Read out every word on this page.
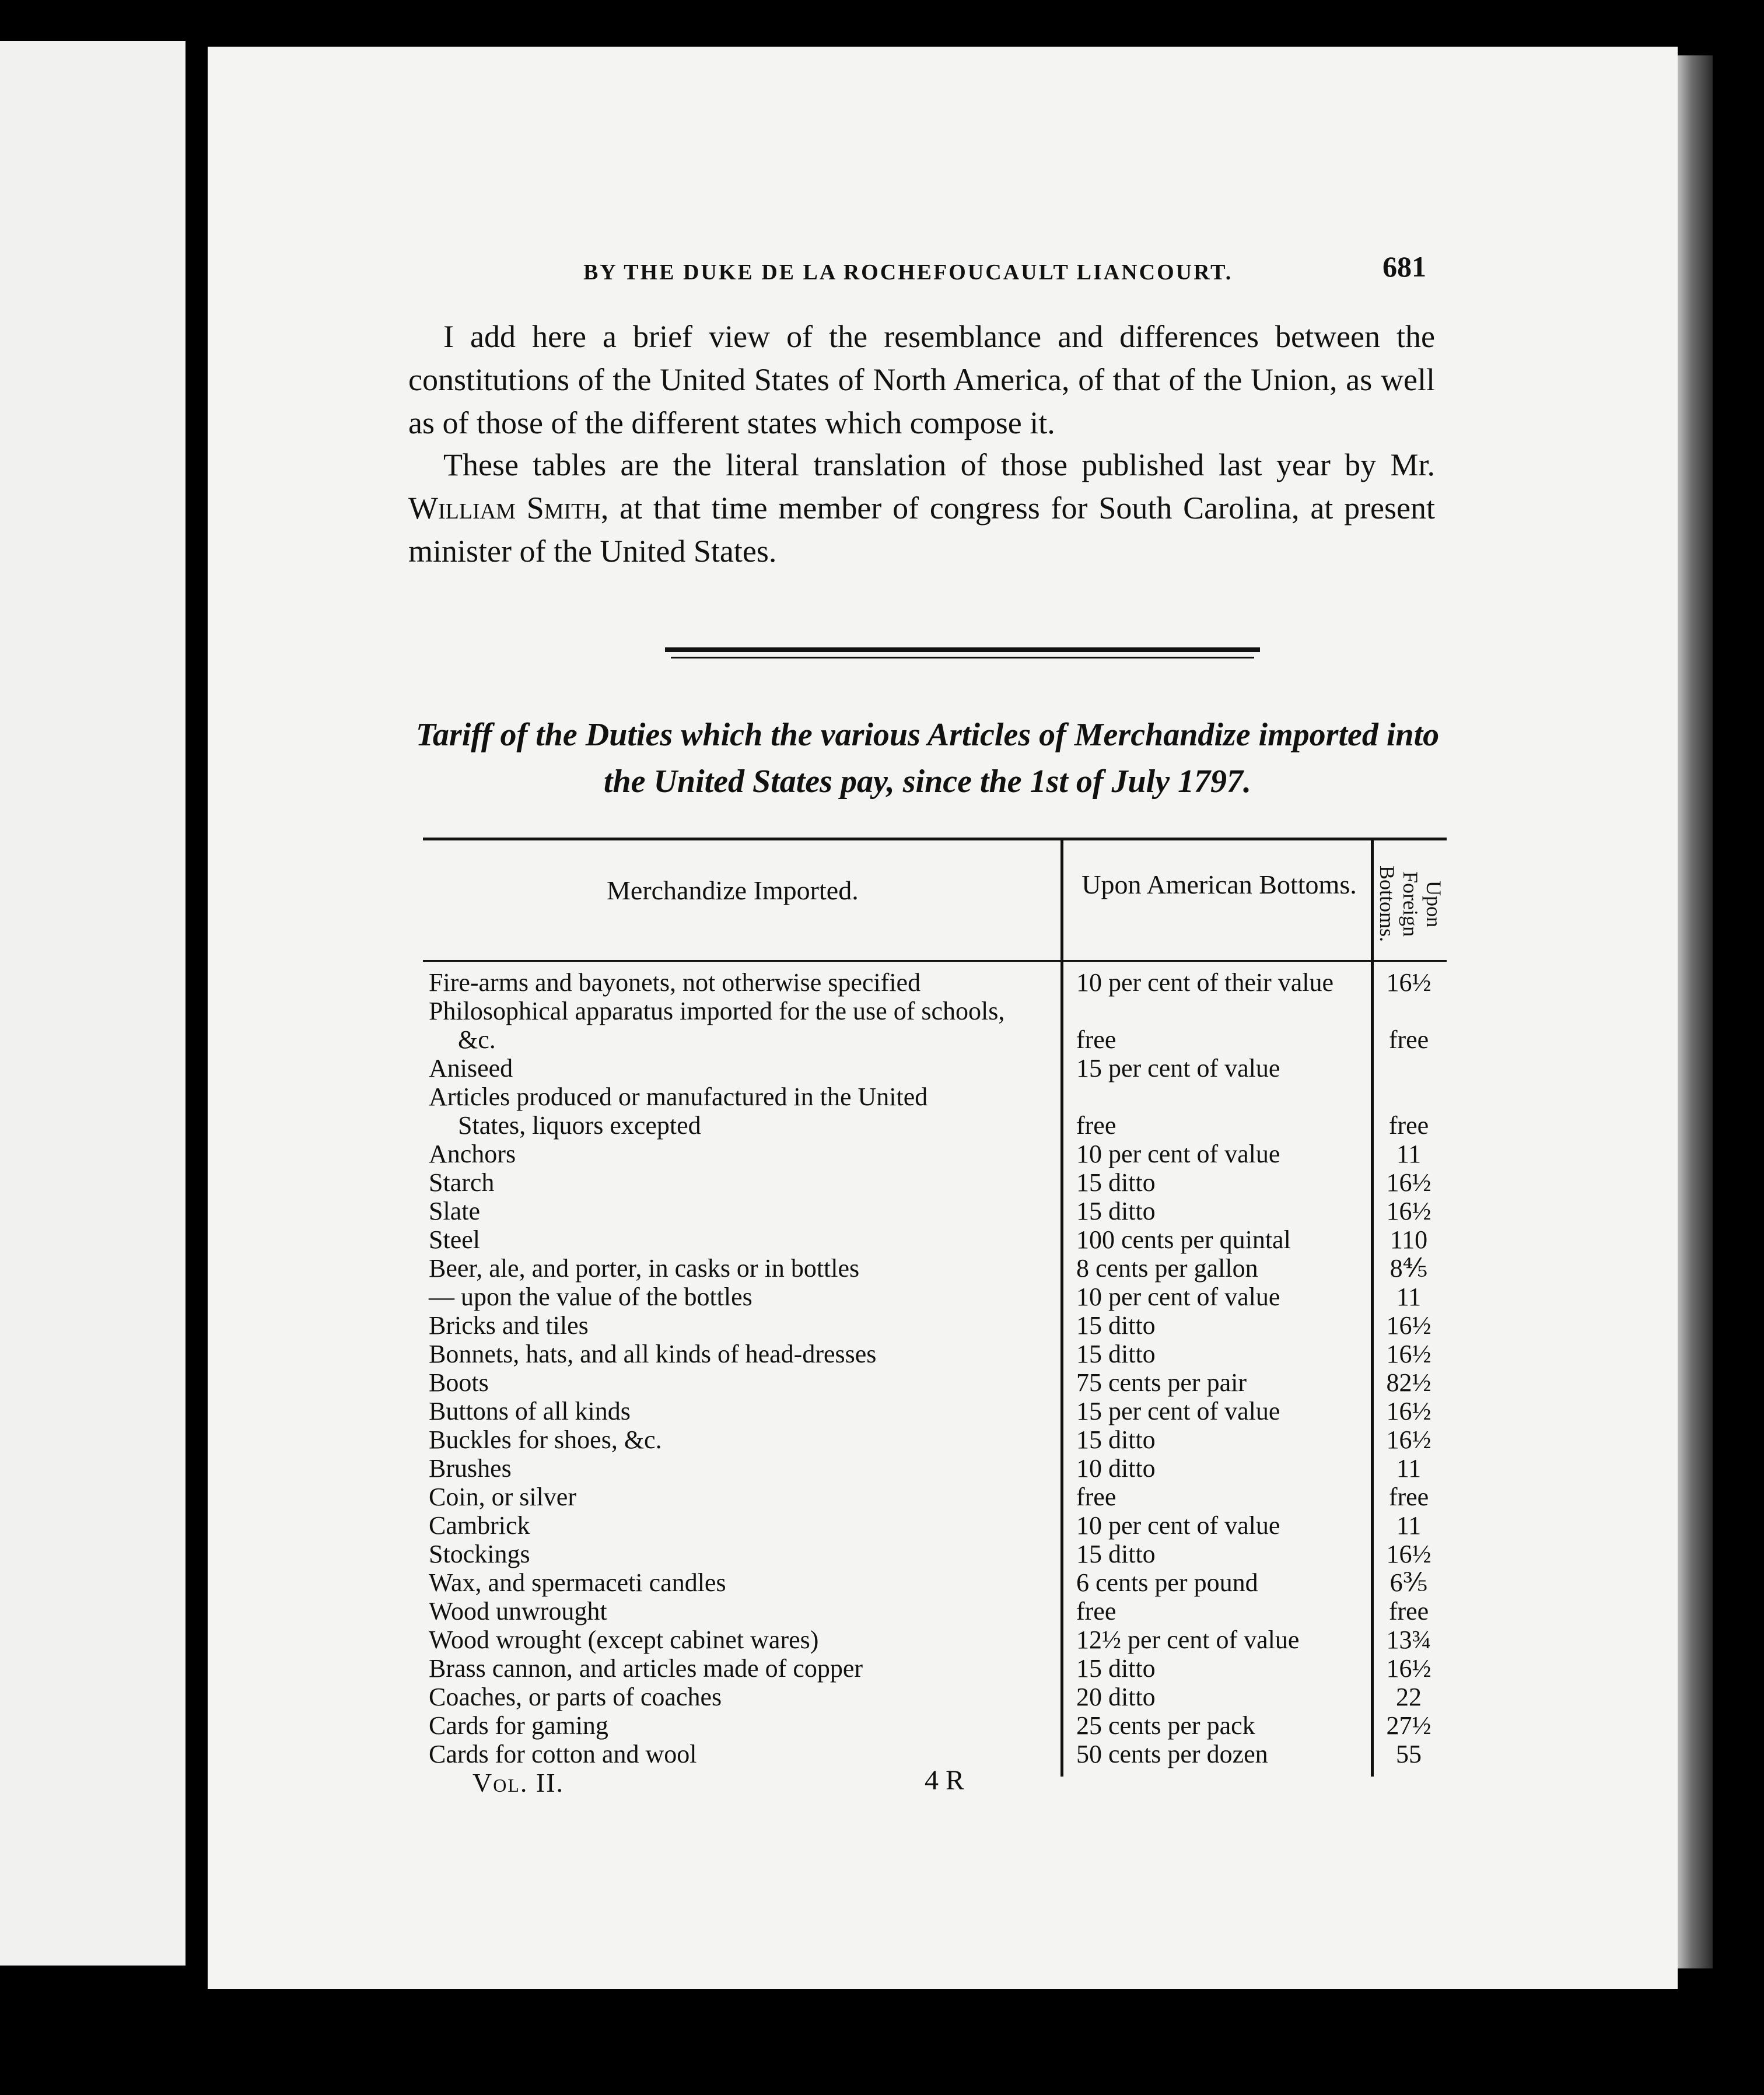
BY THE DUKE DE LA ROCHEFOUCAULT LIANCOURT.	681
I add here a brief view of the resemblance and differences between the constitutions of the United States of North America, of that of the Union, as well as of those of the different states which compose it.
These tables are the literal translation of those published last year by Mr. William Smith, at that time member of congress for South Carolina, at present minister of the United States.
Tariff of the Duties which the various Articles of Merchandize imported into the United States pay, since the 1st of July 1797.
Merchandize Imported.	Upon American Bottoms.	Upon Foreign Bottoms.
Fire-arms and bayonets, not otherwise specified	10 per cent of their value	16½
Philosophical apparatus imported for the use of schools,
&c.	free	free
Aniseed	15 per cent of value
Articles produced or manufactured in the United
States, liquors excepted	free	free
Anchors	10 per cent of value	11
Starch	15 ditto	16½
Slate	15 ditto	16½
Steel	100 cents per quintal	110
Beer, ale, and porter, in casks or in bottles	8 cents per gallon	8⅘
— upon the value of the bottles	10 per cent of value	11
Bricks and tiles	15 ditto	16½
Bonnets, hats, and all kinds of head-dresses	15 ditto	16½
Boots	75 cents per pair	82½
Buttons of all kinds	15 per cent of value	16½
Buckles for shoes, &c.	15 ditto	16½
Brushes	10 ditto	11
Coin, or silver	free	free
Cambrick	10 per cent of value	11
Stockings	15 ditto	16½
Wax, and spermaceti candles	6 cents per pound	6⅗
Wood unwrought	free	free
Wood wrought (except cabinet wares)	12½ per cent of value	13¾
Brass cannon, and articles made of copper	15 ditto	16½
Coaches, or parts of coaches	20 ditto	22
Cards for gaming	25 cents per pack	27½
Cards for cotton and wool	50 cents per dozen	55
Vol. II.	4 R
